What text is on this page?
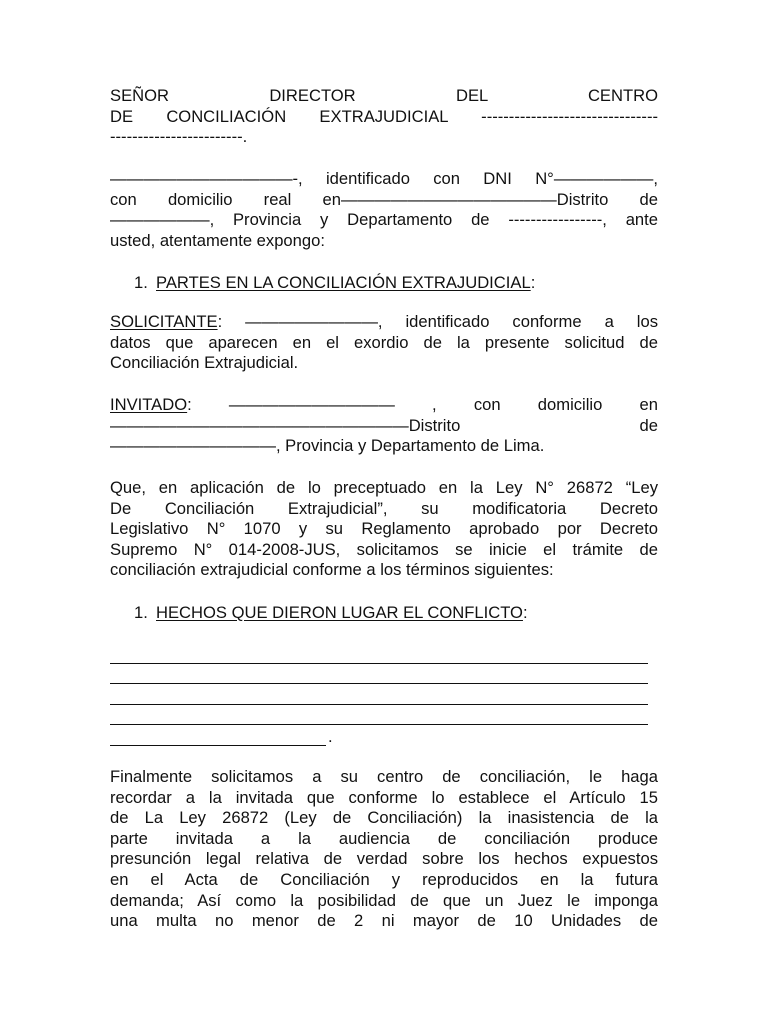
SEÑOR DIRECTOR DEL CENTRO
DE CONCILIACIÓN EXTRAJUDICIAL --------------------------------
------------------------.
———————————-, identificado con DNI N°——————,
con domicilio real en—————————————Distrito de
——————, Provincia y Departamento de -----------------, ante
usted, atentamente expongo:

1. PARTES EN LA CONCILIACIÓN EXTRAJUDICIAL:

SOLICITANTE: ————————, identificado conforme a los
datos que aparecen en el exordio de la presente solicitud de
Conciliación Extrajudicial.
INVITADO: —————————— , con domicilio en
——————————————————Distrito de
——————————, Provincia y Departamento de Lima.
Que, en aplicación de lo preceptuado en la Ley N° 26872 “Ley
De Conciliación Extrajudicial”, su modificatoria Decreto
Legislativo N° 1070 y su Reglamento aprobado por Decreto
Supremo N° 014-2008-JUS, solicitamos se inicie el trámite de
conciliación extrajudicial conforme a los términos siguientes:

1. HECHOS QUE DIERON LUGAR EL CONFLICTO:

.
Finalmente solicitamos a su centro de conciliación, le haga
recordar a la invitada que conforme lo establece el Artículo 15
de La Ley 26872 (Ley de Conciliación) la inasistencia de la
parte invitada a la audiencia de conciliación produce
presunción legal relativa de verdad sobre los hechos expuestos
en el Acta de Conciliación y reproducidos en la futura
demanda; Así como la posibilidad de que un Juez le imponga
una multa no menor de 2 ni mayor de 10 Unidades de
